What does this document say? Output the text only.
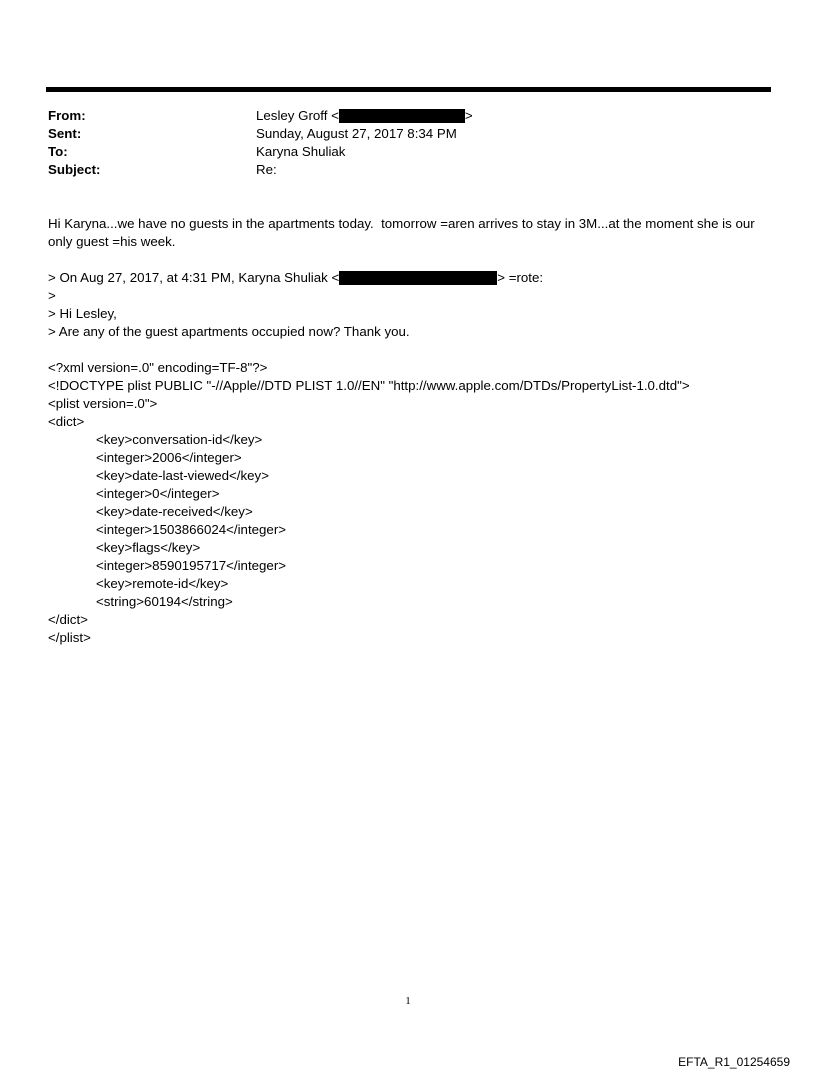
From:	Lesley Groff <	>
Sent:	Sunday, August 27, 2017 8:34 PM
To:	Karyna Shuliak
Subject:	Re:

Hi Karyna...we have no guests in the apartments today.  tomorrow =aren arrives to stay in 3M...at the moment she is our only guest =his week.

> On Aug 27, 2017, at 4:31 PM, Karyna Shuliak <	> =rote:
>
> Hi Lesley,
> Are any of the guest apartments occupied now? Thank you.
<?xml version=.0" encoding=TF-8"?>
<!DOCTYPE plist PUBLIC "-//Apple//DTD PLIST 1.0//EN" "http://www.apple.com/DTDs/PropertyList-1.0.dtd">
<plist version=.0">
<dict>
<key>conversation-id</key>
<integer>2006</integer>
<key>date-last-viewed</key>
<integer>0</integer>
<key>date-received</key>
<integer>1503866024</integer>
<key>flags</key>
<integer>8590195717</integer>
<key>remote-id</key>
<string>60194</string>
</dict>
</plist>
1
EFTA_R1_01254659
